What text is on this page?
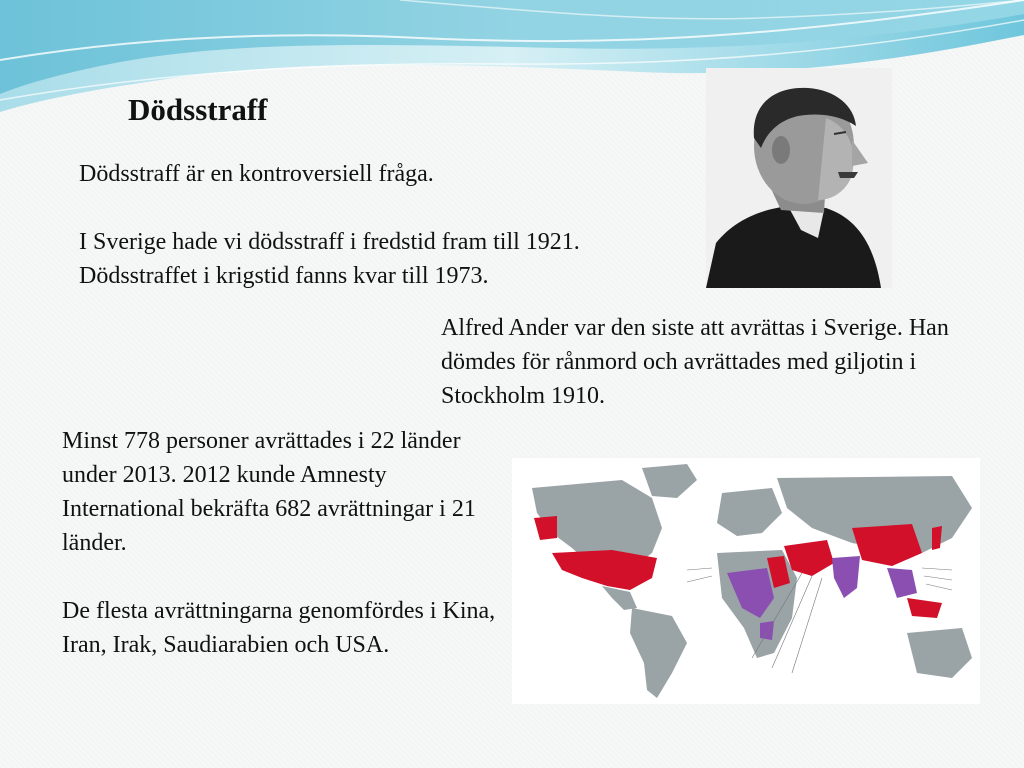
Dödsstraff

Dödsstraff är en kontroversiell fråga.

I Sverige hade vi dödsstraff i fredstid fram till 1921. Dödsstraffet i krigstid fanns kvar till 1973.

Alfred Ander var den siste att avrättas i Sverige. Han dömdes för rånmord och avrättades med giljotin i Stockholm 1910.

Minst 778 personer avrättades i 22 länder under 2013. 2012 kunde Amnesty International bekräfta 682 avrättningar i 21 länder.

De flesta avrättningarna genomfördes i Kina, Iran, Irak, Saudiarabien och USA.
